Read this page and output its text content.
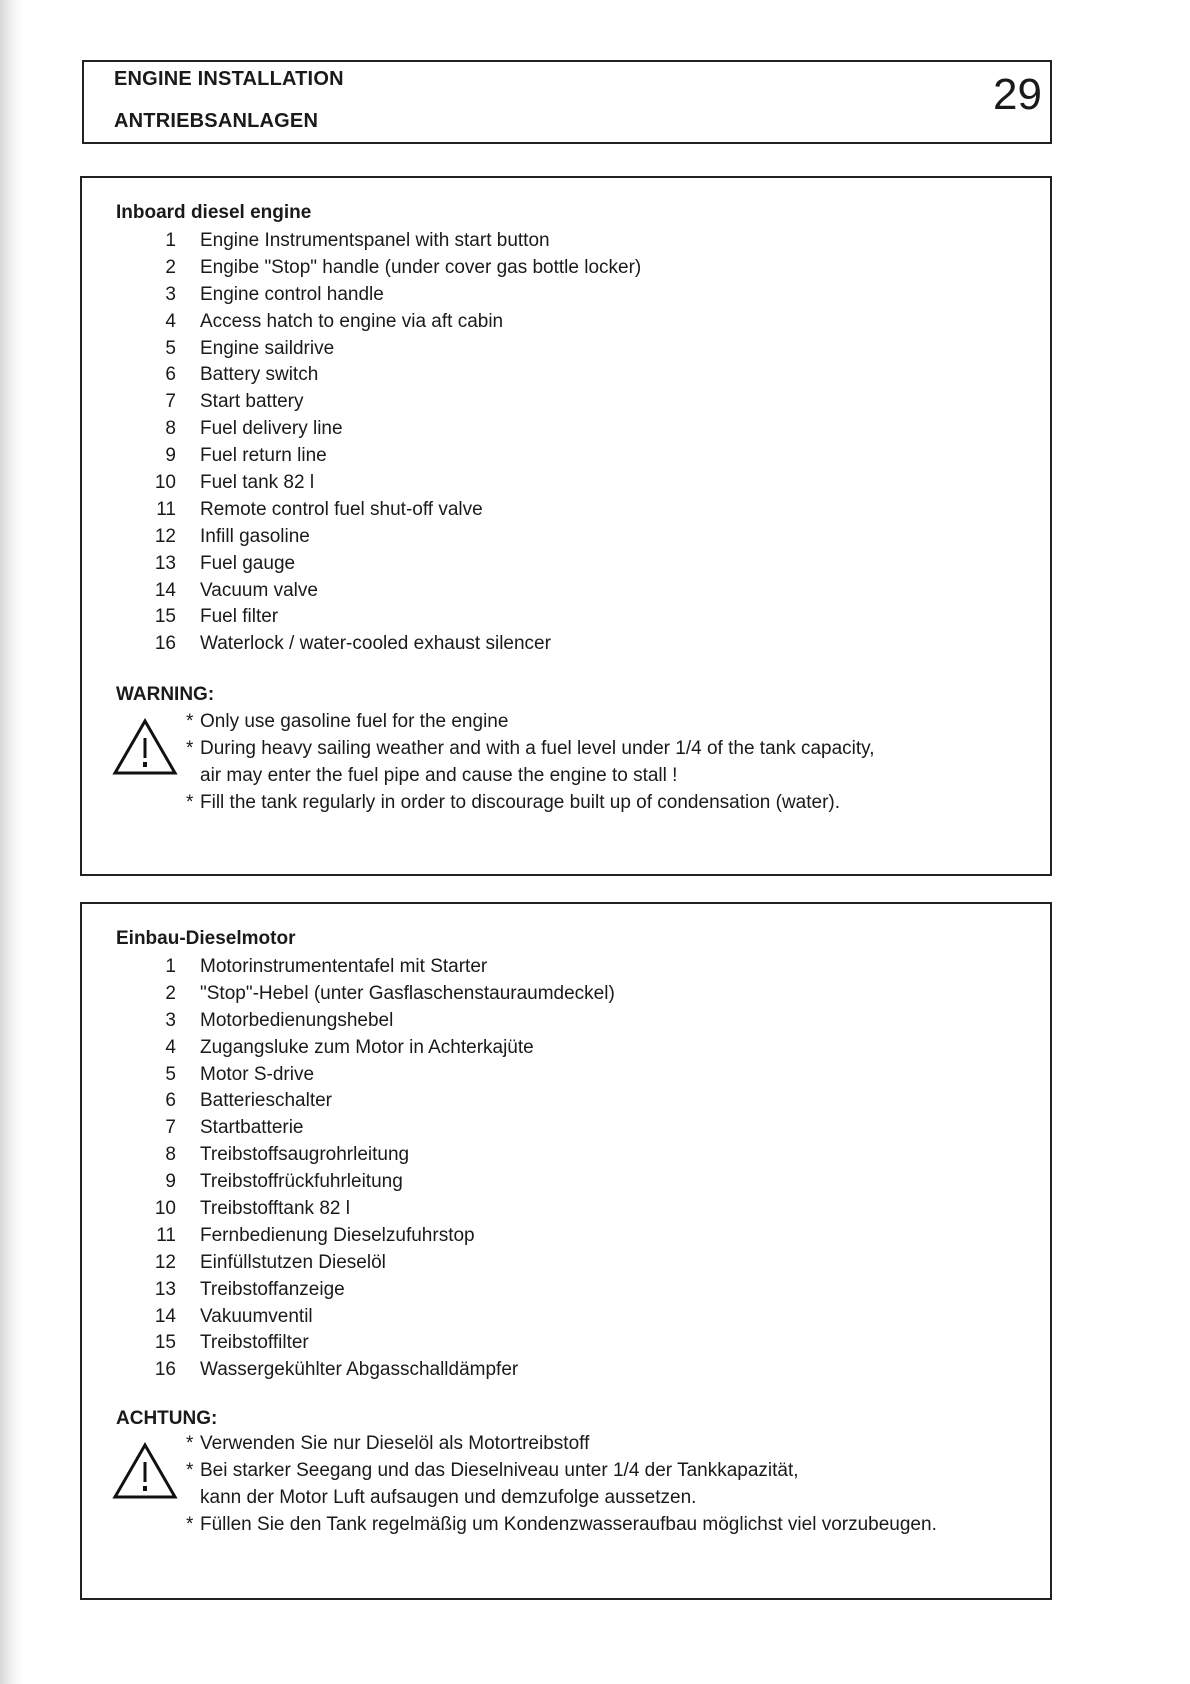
ENGINE INSTALLATION
ANTRIEBSANLAGEN
29
Inboard diesel engine
1 Engine Instrumentspanel with start button
2 Engibe "Stop" handle (under cover gas bottle locker)
3 Engine control handle
4 Access hatch to engine via aft cabin
5 Engine saildrive
6 Battery switch
7 Start battery
8 Fuel delivery line
9 Fuel return line
10 Fuel tank 82 l
11 Remote control fuel shut-off valve
12 Infill gasoline
13 Fuel gauge
14 Vacuum valve
15 Fuel filter
16 Waterlock / water-cooled exhaust silencer
WARNING:
* Only use gasoline fuel for the engine
* During heavy sailing weather and with a fuel level under 1/4 of the tank capacity,
air may enter the fuel pipe and cause the engine to stall !
* Fill the tank regularly in order to discourage built up of condensation (water).
Einbau-Dieselmotor
1 Motorinstrumententafel mit Starter
2 "Stop"-Hebel (unter Gasflaschenstauraumdeckel)
3 Motorbedienungshebel
4 Zugangsluke zum Motor in Achterkajüte
5 Motor S-drive
6 Batterieschalter
7 Startbatterie
8 Treibstoffsaugrohrleitung
9 Treibstoffrückfuhrleitung
10 Treibstofftank 82 l
11 Fernbedienung Dieselzufuhrstop
12 Einfüllstutzen Dieselöl
13 Treibstoffanzeige
14 Vakuumventil
15 Treibstoffilter
16 Wassergekühlter Abgasschalldämpfer
ACHTUNG:
* Verwenden Sie nur Dieselöl als Motortreibstoff
* Bei starker Seegang und das Dieselniveau unter 1/4 der Tankkapazität,
kann der Motor Luft aufsaugen und demzufolge aussetzen.
* Füllen Sie den Tank regelmäßig um Kondenzwasseraufbau möglichst viel vorzubeugen.
